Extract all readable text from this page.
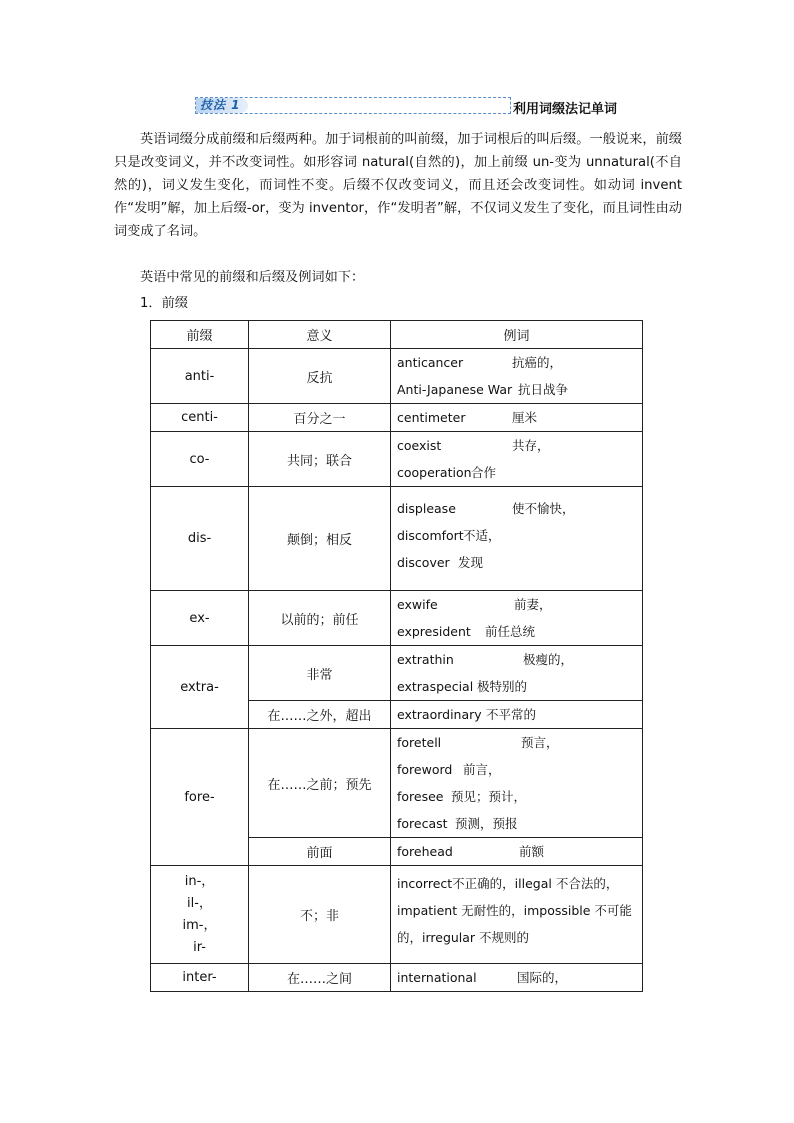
技法 1	利用词缀法记单词
英语词缀分成前缀和后缀两种。加于词根前的叫前缀，加于词根后的叫后缀。一般说来，前缀只是改变词义，并不改变词性。如形容词 natural(自然的)，加上前缀 un-变为 unnatural(不自然的)，词义发生变化，而词性不变。后缀不仅改变词义，而且还会改变词性。如动词 invent 作“发明”解，加上后缀-or，变为 inventor，作“发明者”解，不仅词义发生了变化，而且词性由动词变成了名词。
英语中常见的前缀和后缀及例词如下：
1．前缀
前缀	意义	例词
anti-	反抗	anticancer 抗癌的，
Anti-Japanese War 抗日战争

centi-	百分之一	centimeter 厘米

co-	共同；联合	coexist 共存，
cooperation合作

dis-	颠倒；相反	displease 使不愉快，
discomfort不适，
discover 发现

ex-	以前的；前任	exwife 前妻，
expresident 前任总统

extra-	非常	extrathin 极瘦的，
extraspecial 极特别的

	在……之外，超出	extraordinary 不平常的

fore-	在……之前；预先	foretell 预言，
foreword 前言，
foresee 预见；预计，
forecast 预测，预报

	前面	forehead 前额

in-，
il-，
im-，
ir-	不；非	incorrect不正确的，illegal 不合法的，impatient 无耐性的，impossible 不可能的，irregular 不规则的

inter-	在……之间	international 国际的，
